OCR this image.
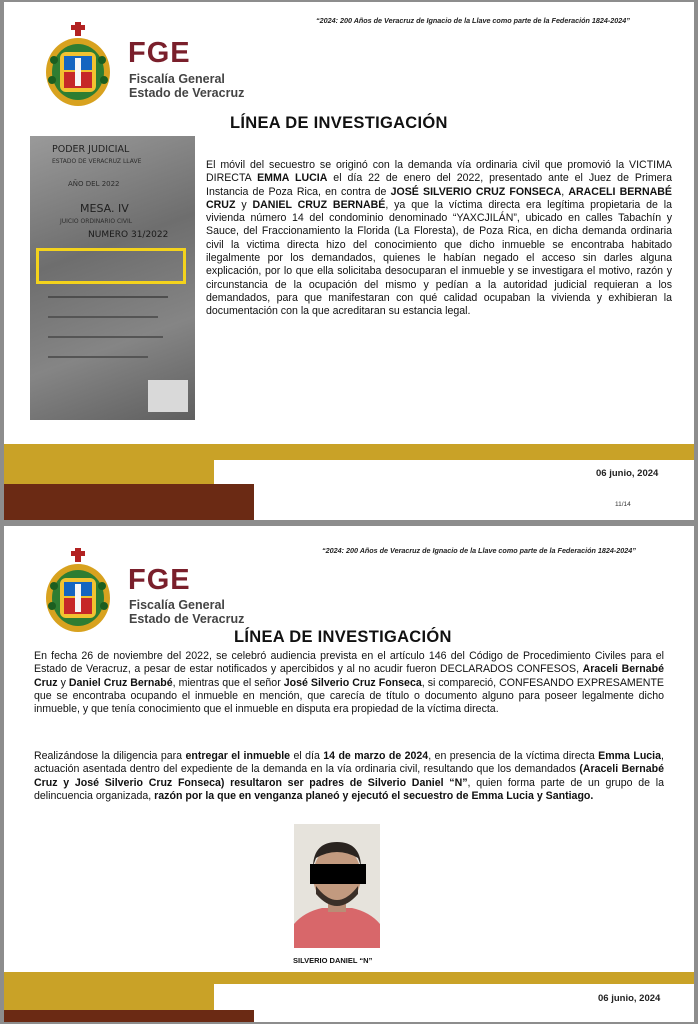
“2024: 200 Años de Veracruz de Ignacio de la Llave como parte de la Federación 1824-2024”
FGE
Fiscalía General
Estado de Veracruz
LÍNEA DE INVESTIGACIÓN
PODER JUDICIAL
ESTADO DE VERACRUZ LLAVE
AÑO DEL 2022
MESA. IV
JUICIO ORDINARIO CIVIL
NUMERO 31/2022
El móvil del secuestro se originó con la demanda vía ordinaria civil que promovió la VICTIMA DIRECTA EMMA LUCIA el día 22 de enero del 2022, presentado ante el Juez de Primera Instancia de Poza Rica, en contra de JOSÉ SILVERIO CRUZ FONSECA, ARACELI BERNABÉ CRUZ y DANIEL CRUZ BERNABÉ, ya que la víctima directa era legítima propietaria de la vivienda número 14 del condominio denominado “YAXCJILÁN”, ubicado en calles Tabachín y Sauce, del Fraccionamiento la Florida (La Floresta), de Poza Rica, en dicha demanda ordinaria civil la victima directa hizo del conocimiento que dicho inmueble se encontraba habitado ilegalmente por los demandados, quienes le habían negado el acceso sin darles alguna explicación, por lo que ella solicitaba desocuparan el inmueble y se investigara el motivo, razón y circunstancia de la ocupación del mismo y pedían a la autoridad judicial requieran a los demandados, para que manifestaran con qué calidad ocupaban la vivienda y exhibieran la documentación con la que acreditaran su estancia legal.
06 junio, 2024
11/14
“2024: 200 Años de Veracruz de Ignacio de la Llave como parte de la Federación 1824-2024”
FGE
Fiscalía General
Estado de Veracruz
LÍNEA DE INVESTIGACIÓN
En fecha 26 de noviembre del 2022, se celebró audiencia prevista en el artículo 146 del Código de Procedimiento Civiles para el Estado de Veracruz, a pesar de estar notificados y apercibidos y al no acudir fueron DECLARADOS CONFESOS, Araceli Bernabé Cruz y Daniel Cruz Bernabé, mientras que el señor José Silverio Cruz Fonseca, si compareció, CONFESANDO EXPRESAMENTE que se encontraba ocupando el inmueble en mención, que carecía de título o documento alguno para poseer legalmente dicho inmueble, y que tenía conocimiento que el inmueble en disputa era propiedad de la víctima directa.
Realizándose la diligencia para entregar el inmueble el día 14 de marzo de 2024, en presencia de la víctima directa Emma Lucia, actuación asentada dentro del expediente de la demanda en la vía ordinaria civil, resultando que los demandados (Araceli Bernabé Cruz y José Silverio Cruz Fonseca) resultaron ser padres de Silverio Daniel “N”, quien forma parte de un grupo de la delincuencia organizada, razón por la que en venganza planeó y ejecutó el secuestro de Emma Lucia y Santiago.
SILVERIO DANIEL “N”
06 junio, 2024
